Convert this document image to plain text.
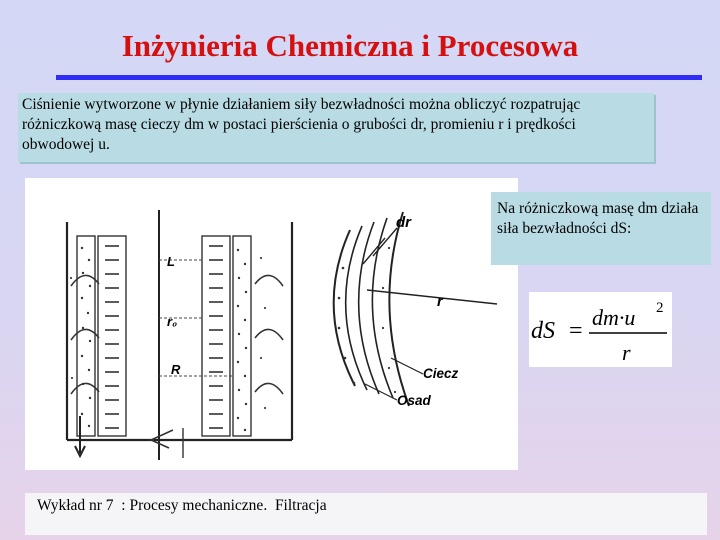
Inżynieria Chemiczna i Procesowa
Ciśnienie wytworzone w płynie działaniem siły bezwładności można obliczyć rozpatrując różniczkową masę cieczy dm w postaci pierścienia o grubości dr, promieniu r i prędkości obwodowej u.
L
r₀
R
dr
r
Ciecz
Osad
Na różniczkową masę dm działa siła bezwładności dS:
dS =
dm·u 2
r
Wykład nr 7  : Procesy mechaniczne.  Filtracja
